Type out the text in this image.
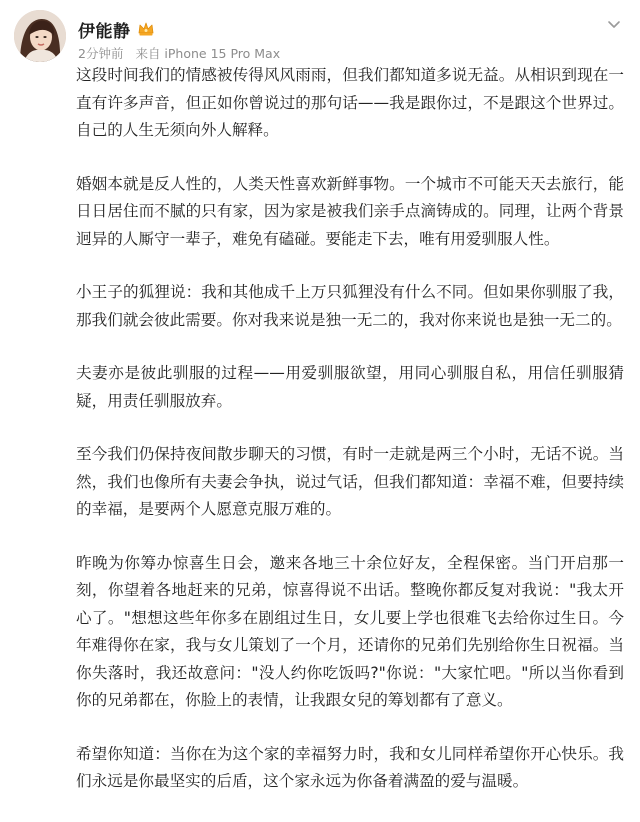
伊能静
2分钟前 来自 iPhone 15 Pro Max

这段时间我们的情感被传得风风雨雨，但我们都知道多说无益。从相识到现在一直有许多声音，但正如你曾说过的那句话——我是跟你过，不是跟这个世界过。自己的人生无须向外人解释。

婚姻本就是反人性的，人类天性喜欢新鲜事物。一个城市不可能天天去旅行，能日日居住而不腻的只有家，因为家是被我们亲手点滴铸成的。同理，让两个背景迥异的人厮守一辈子，难免有磕碰。要能走下去，唯有用爱驯服人性。

小王子的狐狸说：我和其他成千上万只狐狸没有什么不同。但如果你驯服了我，那我们就会彼此需要。你对我来说是独一无二的，我对你来说也是独一无二的。

夫妻亦是彼此驯服的过程——用爱驯服欲望，用同心驯服自私，用信任驯服猜疑，用责任驯服放弃。

至今我们仍保持夜间散步聊天的习惯，有时一走就是两三个小时，无话不说。当然，我们也像所有夫妻会争执，说过气话，但我们都知道：幸福不难，但要持续的幸福，是要两个人愿意克服万难的。

昨晚为你筹办惊喜生日会，邀来各地三十余位好友，全程保密。当门开启那一刻，你望着各地赶来的兄弟，惊喜得说不出话。整晚你都反复对我说："我太开心了。"想想这些年你多在剧组过生日，女儿要上学也很难飞去给你过生日。今年难得你在家，我与女儿策划了一个月，还请你的兄弟们先别给你生日祝福。当你失落时，我还故意问："没人约你吃饭吗?"你说："大家忙吧。"所以当你看到你的兄弟都在，你脸上的表情，让我跟女兒的筹划都有了意义。

希望你知道：当你在为这个家的幸福努力时，我和女儿同样希望你开心快乐。我们永远是你最坚实的后盾，这个家永远为你备着满盈的爱与温暖。
